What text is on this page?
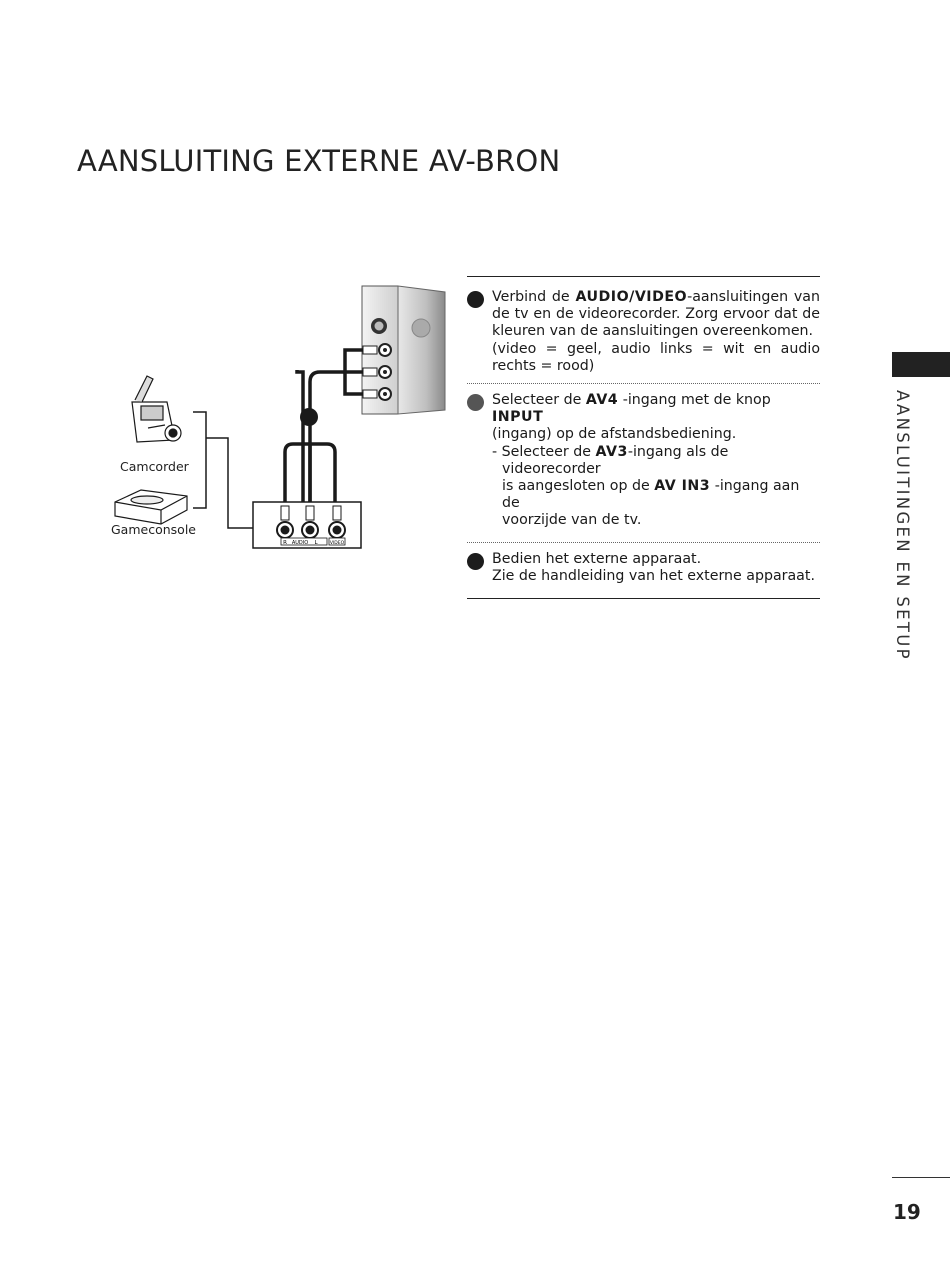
AANSLUITING EXTERNE AV-BRON
R AUDIO L	VIDEO
Camcorder
Gameconsole

Verbind de AUDIO/VIDEO-aansluitingen van de tv en de videorecorder. Zorg ervoor dat de kleuren van de aansluitingen overeenkomen.

(video = geel, audio links = wit en audio rechts = rood)

Selecteer de AV4 -ingang met de knop INPUT

(ingang) op de afstandsbediening.

- Selecteer de AV3-ingang als de videorecorder

is aangesloten op de AV IN3 -ingang aan de

voorzijde van de tv.

Bedien het externe apparaat.

Zie de handleiding van het externe apparaat.	AANSLUITINGEN EN SETUP
19
